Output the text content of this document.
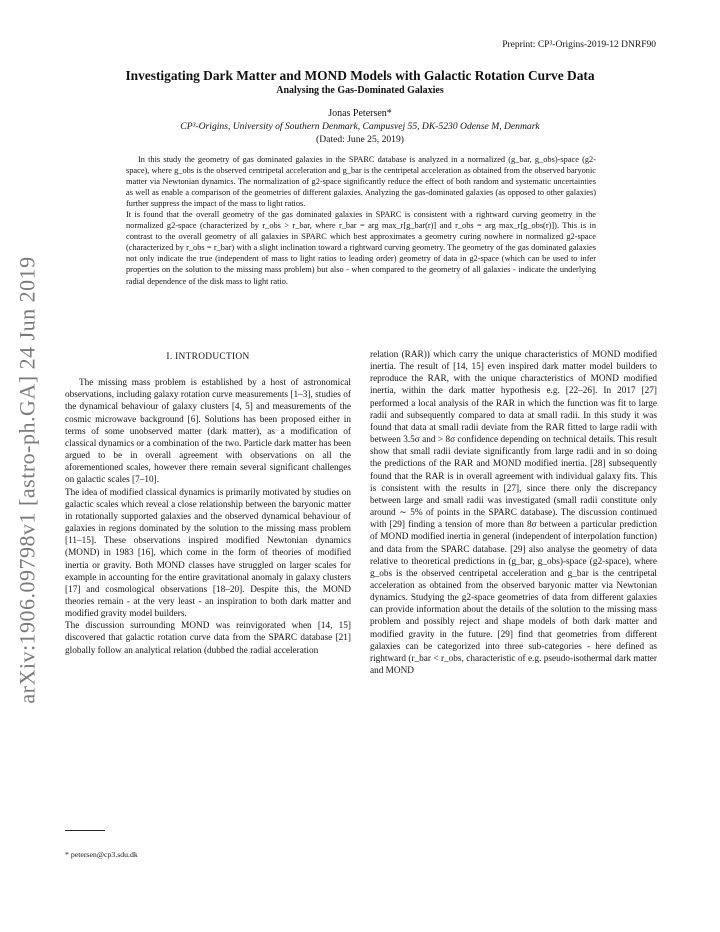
arXiv:1906.09798v1 [astro-ph.GA] 24 Jun 2019
Preprint: CP³-Origins-2019-12 DNRF90

Investigating Dark Matter and MOND Models with Galactic Rotation Curve Data

Analysing the Gas-Dominated Galaxies

Jonas Petersen*
CP³-Origins, University of Southern Denmark, Campusvej 55, DK-5230 Odense M, Denmark
(Dated: June 25, 2019)

In this study the geometry of gas dominated galaxies in the SPARC database is analyzed in a normalized (g_bar, g_obs)-space (g2-space), where g_obs is the observed centripetal acceleration and g_bar is the centripetal acceleration as obtained from the observed baryonic matter via Newtonian dynamics. The normalization of g2-space significantly reduce the effect of both random and systematic uncertainties as well as enable a comparison of the geometries of different galaxies. Analyzing the gas-dominated galaxies (as opposed to other galaxies) further suppress the impact of the mass to light ratios.

It is found that the overall geometry of the gas dominated galaxies in SPARC is consistent with a rightward curving geometry in the normalized g2-space (characterized by r_obs > r_bar, where r_bar = arg max_r[g_bar(r)] and r_obs = arg max_r[g_obs(r)]). This is in contrast to the overall geometry of all galaxies in SPARC which best approximates a geometry curing nowhere in normalized g2-space (characterized by r_obs = r_bar) with a slight inclination toward a rightward curving geometry. The geometry of the gas dominated galaxies not only indicate the true (independent of mass to light ratios to leading order) geometry of data in g2-space (which can be used to infer properties on the solution to the missing mass problem) but also - when compared to the geometry of all galaxies - indicate the underlying radial dependence of the disk mass to light ratio.

I. INTRODUCTION

The missing mass problem is established by a host of astronomical observations, including galaxy rotation curve measurements [1–3], studies of the dynamical behaviour of galaxy clusters [4, 5] and measurements of the cosmic microwave background [6]. Solutions has been proposed either in terms of some unobserved matter (dark matter), as a modification of classical dynamics or a combination of the two. Particle dark matter has been argued to be in overall agreement with observations on all the aforementioned scales, however there remain several significant challenges on galactic scales [7–10].

The idea of modified classical dynamics is primarily motivated by studies on galactic scales which reveal a close relationship between the baryonic matter in rotationally supported galaxies and the observed dynamical behaviour of galaxies in regions dominated by the solution to the missing mass problem [11–15]. These observations inspired modified Newtonian dynamics (MOND) in 1983 [16], which come in the form of theories of modified inertia or gravity. Both MOND classes have struggled on larger scales for example in accounting for the entire gravitational anomaly in galaxy clusters [17] and cosmological observations [18–20]. Despite this, the MOND theories remain - at the very least - an inspiration to both dark matter and modified gravity model builders.

The discussion surrounding MOND was reinvigorated when [14, 15] discovered that galactic rotation curve data from the SPARC database [21] globally follow an analytical relation (dubbed the radial acceleration

relation (RAR)) which carry the unique characteristics of MOND modified inertia. The result of [14, 15] even inspired dark matter model builders to reproduce the RAR, with the unique characteristics of MOND modified inertia, within the dark matter hypothesis e.g. [22–26]. In 2017 [27] performed a local analysis of the RAR in which the function was fit to large radii and subsequently compared to data at small radii. In this study it was found that data at small radii deviate from the RAR fitted to large radii with between 3.5σ and > 8σ confidence depending on technical details. This result show that small radii deviate significantly from large radii and in so doing the predictions of the RAR and MOND modified inertia. [28] subsequently found that the RAR is in overall agreement with individual galaxy fits. This is consistent with the results in [27], since there only the discrepancy between large and small radii was investigated (small radii constitute only around ∼ 5% of points in the SPARC database). The discussion continued with [29] finding a tension of more than 8σ between a particular prediction of MOND modified inertia in general (independent of interpolation function) and data from the SPARC database. [29] also analyse the geometry of data relative to theoretical predictions in (g_bar, g_obs)-space (g2-space), where g_obs is the observed centripetal acceleration and g_bar is the centripetal acceleration as obtained from the observed baryonic matter via Newtonian dynamics. Studying the g2-space geometries of data from different galaxies can provide information about the details of the solution to the missing mass problem and possibly reject and shape models of both dark matter and modified gravity in the future. [29] find that geometries from different galaxies can be categorized into three sub-categories - here defined as rightward (r_bar < r_obs, characteristic of e.g. pseudo-isothermal dark matter and MOND

* petersen@cp3.sdu.dk
